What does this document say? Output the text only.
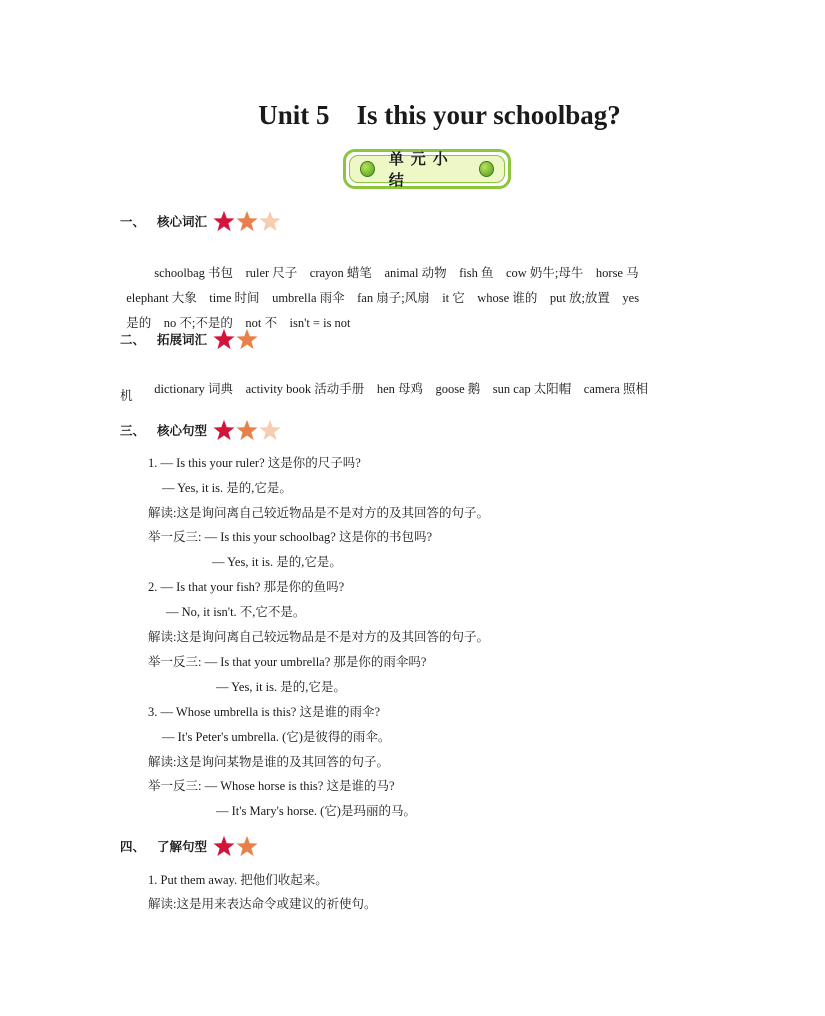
Unit 5    Is this your schoolbag?
单元小结
一、 核心词汇

schoolbag 书包 ruler 尺子 crayon 蜡笔 animal 动物 fish 鱼 cow 奶牛;母牛 horse 马

elephant 大象 time 时间 umbrella 雨伞 fan 扇子;风扇 it 它 whose 谁的 put 放;放置 yes

是的 no 不;不是的 not 不 isn't = is not

二、 拓展词汇

dictionary 词典 activity book 活动手册 hen 母鸡 goose 鹅 sun cap 太阳帽 camera 照相

机
三、 核心句型
1. — Is this your ruler? 这是你的尺子吗?
— Yes, it is. 是的,它是。
解读:这是询问离自己较近物品是不是对方的及其回答的句子。
举一反三: — Is this your schoolbag? 这是你的书包吗?
— Yes, it is. 是的,它是。
2. — Is that your fish? 那是你的鱼吗?
— No, it isn't. 不,它不是。
解读:这是询问离自己较远物品是不是对方的及其回答的句子。
举一反三: — Is that your umbrella? 那是你的雨伞吗?
— Yes, it is. 是的,它是。
3. — Whose umbrella is this? 这是谁的雨伞?
— It's Peter's umbrella. (它)是彼得的雨伞。
解读:这是询问某物是谁的及其回答的句子。
举一反三: — Whose horse is this? 这是谁的马?
— It's Mary's horse. (它)是玛丽的马。
四、 了解句型
1. Put them away. 把他们收起来。
解读:这是用来表达命令或建议的祈使句。
